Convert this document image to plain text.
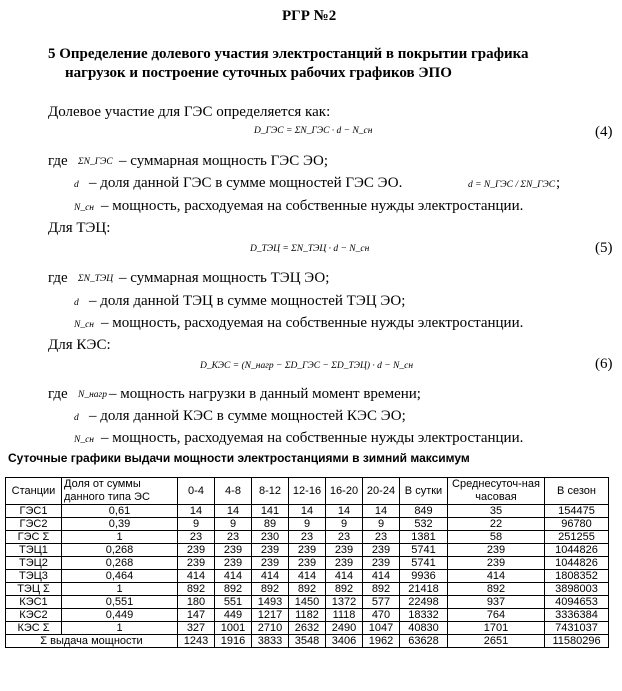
РГР №2
5 Определение долевого участия электростанций в покрытии графика
нагрузок и построение суточных рабочих графиков ЭПО
Долевое участие для ГЭС определяется как:
D_ГЭС = ΣN_ГЭС · d − N_сн	(4)
где ΣN_ГЭС – суммарная мощность ГЭС ЭО;
d – доля данной ГЭС в сумме мощностей ГЭС ЭО.	d = N_ГЭС / ΣN_ГЭС ;
N_сн – мощность, расходуемая на собственные нужды электростанции.
Для ТЭЦ:
D_ТЭЦ = ΣN_ТЭЦ · d − N_сн	(5)
где ΣN_ТЭЦ – суммарная мощность ТЭЦ ЭО;
d – доля данной ТЭЦ в сумме мощностей ТЭЦ ЭО;
N_сн – мощность, расходуемая на собственные нужды электростанции.
Для КЭС:
D_КЭС = (N_нагр − ΣD_ГЭС − ΣD_ТЭЦ) · d − N_сн	(6)
где N_нагр – мощность нагрузки в данный момент времени;
d – доля данной КЭС в сумме мощностей КЭС ЭО;
N_сн – мощность, расходуемая на собственные нужды электростанции.
Суточные графики выдачи мощности электростанциями в зимний максимум
Станции	Доля от суммы данного типа ЭС	0-4	4-8	8-12	12-16	16-20	20-24	В сутки	Среднесуточ-ная часовая	В сезон
ГЭС1	0,61	14	14	141	14	14	14	849	35	154475
ГЭС2	0,39	9	9	89	9	9	9	532	22	96780
ГЭС Σ	1	23	23	230	23	23	23	1381	58	251255
ТЭЦ1	0,268	239	239	239	239	239	239	5741	239	1044826
ТЭЦ2	0,268	239	239	239	239	239	239	5741	239	1044826
ТЭЦ3	0,464	414	414	414	414	414	414	9936	414	1808352
ТЭЦ Σ	1	892	892	892	892	892	892	21418	892	3898003
КЭС1	0,551	180	551	1493	1450	1372	577	22498	937	4094653
КЭС2	0,449	147	449	1217	1182	1118	470	18332	764	3336384
КЭС Σ	1	327	1001	2710	2632	2490	1047	40830	1701	7431037
Σ выдача мощности		1243	1916	3833	3548	3406	1962	63628	2651	11580296
